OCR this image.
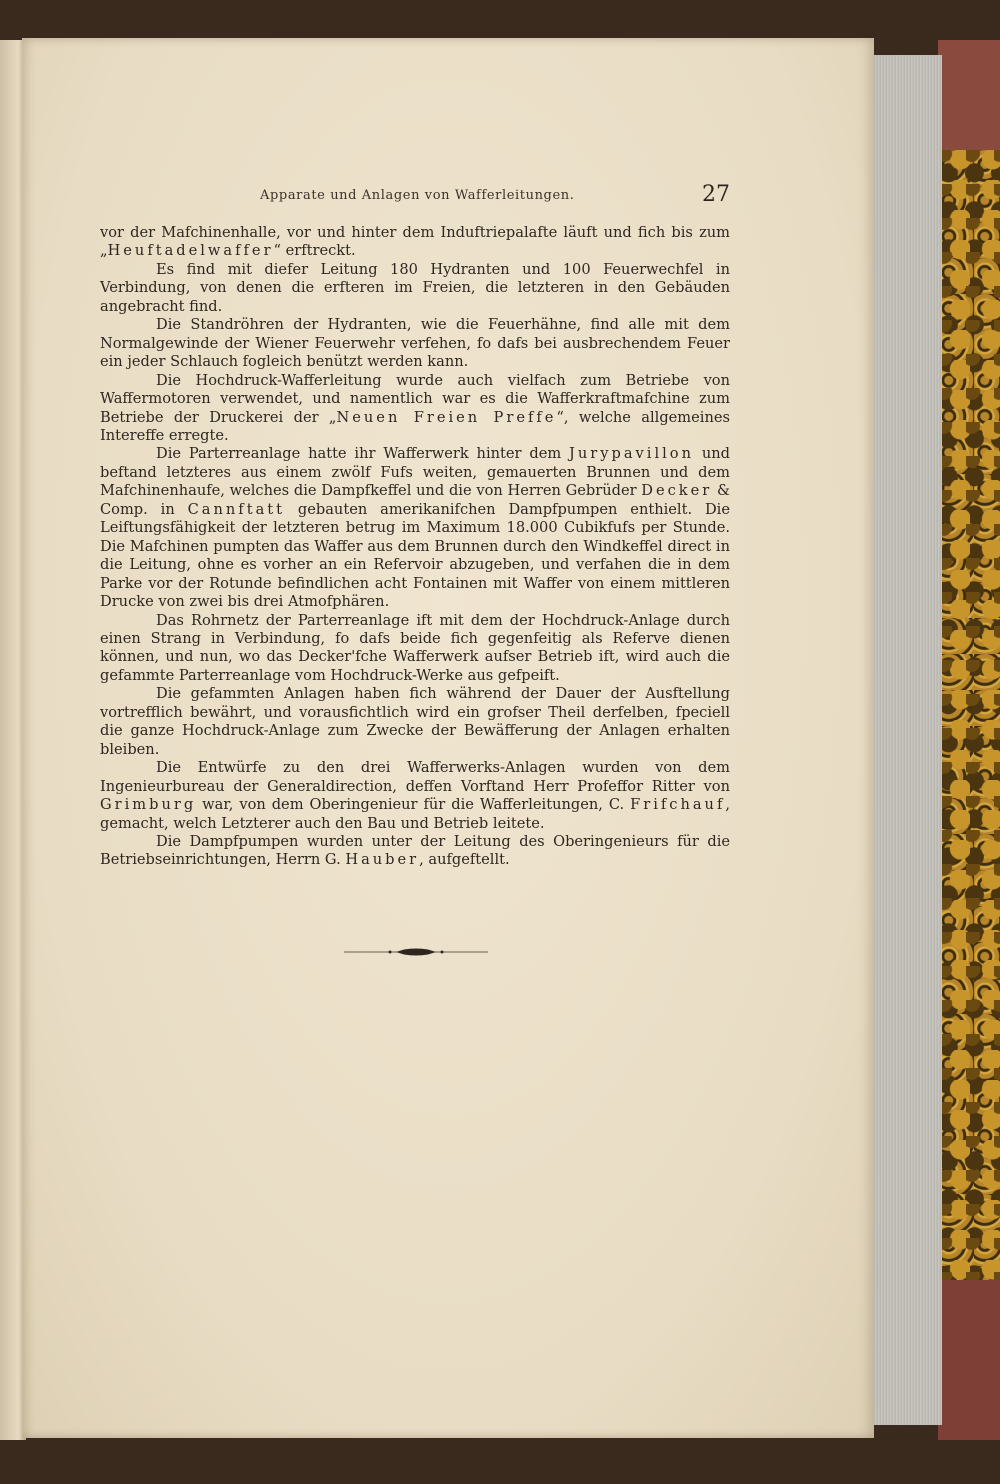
Apparate und Anlagen von Wafferleitungen.	27

vor der Mafchinenhalle, vor und hinter dem Induftriepalafte läuft und fich bis zum „Heuftadelwaffer“ erftreckt.

Es find mit diefer Leitung 180 Hydranten und 100 Feuerwechfel in Verbindung, von denen die erfteren im Freien, die letzteren in den Gebäuden angebracht find.

Die Standröhren der Hydranten, wie die Feuerhähne, find alle mit dem Normalgewinde der Wiener Feuerwehr verfehen, fo dafs bei ausbrechendem Feuer ein jeder Schlauch fogleich benützt werden kann.

Die Hochdruck-Wafferleitung wurde auch vielfach zum Betriebe von Waffermotoren verwendet, und namentlich war es die Wafferkraftmafchine zum Betriebe der Druckerei der „Neuen Freien Preffe“, welche allgemeines Intereffe erregte.

Die Parterreanlage hatte ihr Wafferwerk hinter dem Jurypavillon und beftand letzteres aus einem zwölf Fufs weiten, gemauerten Brunnen und dem Mafchinenhaufe, welches die Dampfkeffel und die von Herren Gebrüder Decker & Comp. in Cannftatt gebauten amerikanifchen Dampfpumpen enthielt. Die Leiftungsfähigkeit der letzteren betrug im Maximum 18.000 Cubikfufs per Stunde. Die Mafchinen pumpten das Waffer aus dem Brunnen durch den Windkeffel direct in die Leitung, ohne es vorher an ein Refervoir abzugeben, und verfahen die in dem Parke vor der Rotunde befindlichen acht Fontainen mit Waffer von einem mittleren Drucke von zwei bis drei Atmofphären.

Das Rohrnetz der Parterreanlage ift mit dem der Hochdruck-Anlage durch einen Strang in Verbindung, fo dafs beide fich gegenfeitig als Referve dienen können, und nun, wo das Decker'fche Wafferwerk aufser Betrieb ift, wird auch die gefammte Parterreanlage vom Hochdruck-Werke aus gefpeift.

Die gefammten Anlagen haben fich während der Dauer der Ausftellung vortrefflich bewährt, und vorausfichtlich wird ein grofser Theil derfelben, fpeciell die ganze Hochdruck-Anlage zum Zwecke der Bewäfferung der Anlagen erhalten bleiben.

Die Entwürfe zu den drei Wafferwerks-Anlagen wurden von dem Ingenieurbureau der Generaldirection, deffen Vorftand Herr Profeffor Ritter von Grimburg war, von dem Oberingenieur für die Wafferleitungen, C. Frifchauf, gemacht, welch Letzterer auch den Bau und Betrieb leitete.

Die Dampfpumpen wurden unter der Leitung des Oberingenieurs für die Betriebseinrichtungen, Herrn G. Hauber, aufgeftellt.
